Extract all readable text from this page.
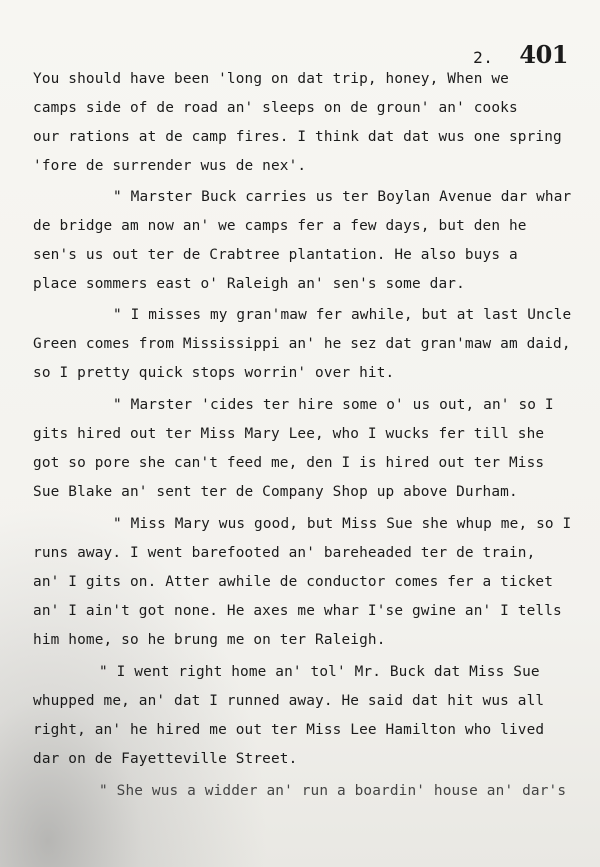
2. 401
You should have been 'long on dat trip, honey, When we
camps side of de road an' sleeps on de groun' an' cooks
our rations at de camp fires. I think dat dat wus one spring
'fore de surrender wus de nex'.
" Marster Buck carries us ter Boylan Avenue dar whar
de bridge am now an' we camps fer a few days, but den he
sen's us out ter de Crabtree plantation. He also buys a
place sommers east o' Raleigh an' sen's some dar.
" I misses my gran'maw fer awhile, but at last Uncle
Green comes from Mississippi an' he sez dat gran'maw am daid,
so I pretty quick stops worrin' over hit.
" Marster 'cides ter hire some o' us out, an' so I
gits hired out ter Miss Mary Lee, who I wucks fer till she
got so pore she can't feed me, den I is hired out ter Miss
Sue Blake an' sent ter de Company Shop up above Durham.
" Miss Mary wus good, but Miss Sue she whup me, so I
runs away. I went barefooted an' bareheaded ter de train,
an' I gits on. Atter awhile de conductor comes fer a ticket
an' I ain't got none. He axes me whar I'se gwine an' I tells
him home, so he brung me on ter Raleigh.
" I went right home an' tol' Mr. Buck dat Miss Sue
whupped me, an' dat I runned away. He said dat hit wus all
right, an' he hired me out ter Miss Lee Hamilton who lived
dar on de Fayetteville Street.
" She wus a widder an' run a boardin' house an' dar's
